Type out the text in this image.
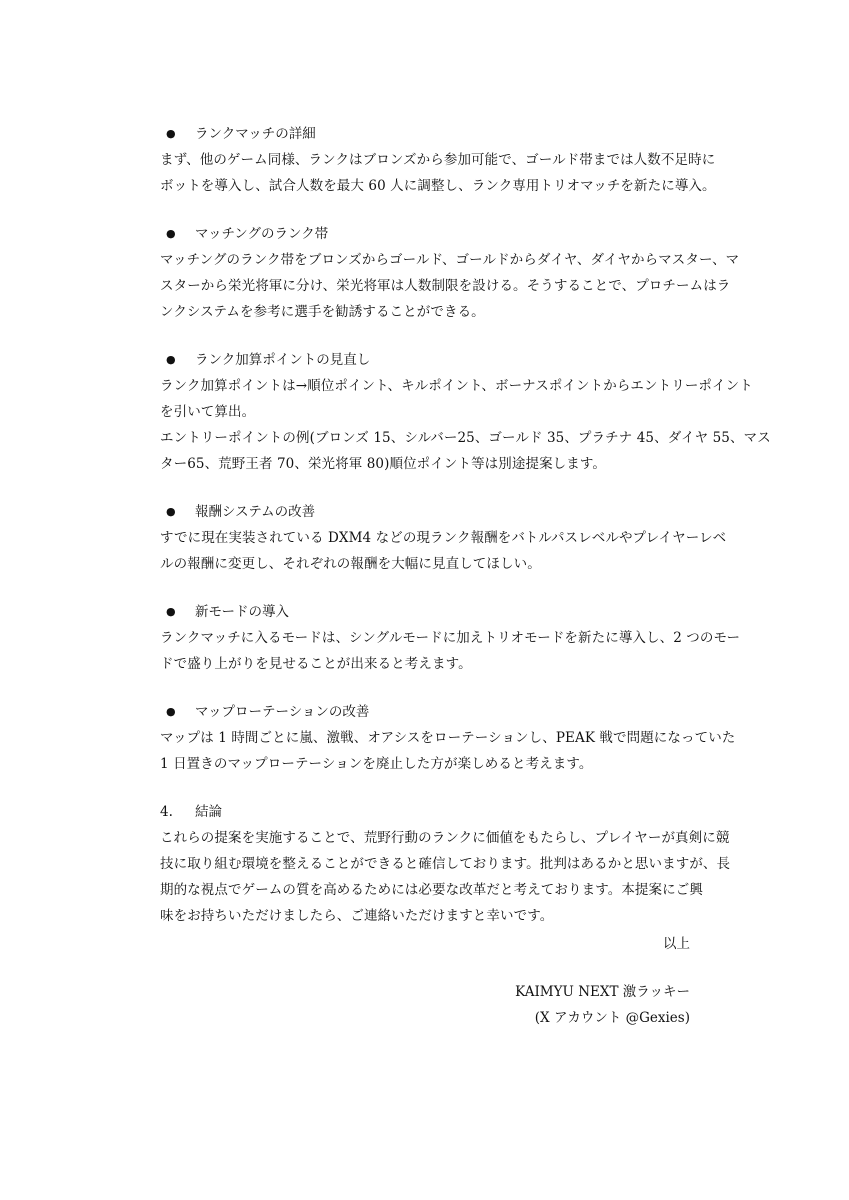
●	ランクマッチの詳細
まず、他のゲーム同様、ランクはブロンズから参加可能で、ゴールド帯までは人数不足時に
ボットを導入し、試合人数を最大 60 人に調整し、ランク専用トリオマッチを新たに導入。
●	マッチングのランク帯
マッチングのランク帯をブロンズからゴールド、ゴールドからダイヤ、ダイヤからマスター、マ
スターから栄光将軍に分け、栄光将軍は人数制限を設ける。そうすることで、プロチームはラ
ンクシステムを参考に選手を勧誘することができる。
●	ランク加算ポイントの見直し
ランク加算ポイントは→順位ポイント、キルポイント、ボーナスポイントからエントリーポイント
を引いて算出。
エントリーポイントの例(ブロンズ 15、シルバー25、ゴールド 35、プラチナ 45、ダイヤ 55、マス
ター65、荒野王者 70、栄光将軍 80)順位ポイント等は別途提案します。
●	報酬システムの改善
すでに現在実装されている DXM4 などの現ランク報酬をバトルパスレベルやプレイヤーレベ
ルの報酬に変更し、それぞれの報酬を大幅に見直してほしい。
●	新モードの導入
ランクマッチに入るモードは、シングルモードに加えトリオモードを新たに導入し、2 つのモー
ドで盛り上がりを見せることが出来ると考えます。
●	マップローテーションの改善
マップは 1 時間ごとに嵐、激戦、オアシスをローテーションし、PEAK 戦で問題になっていた
1 日置きのマップローテーションを廃止した方が楽しめると考えます。
4.	結論
これらの提案を実施することで、荒野行動のランクに価値をもたらし、プレイヤーが真剣に競
技に取り組む環境を整えることができると確信しております。批判はあるかと思いますが、長
期的な視点でゲームの質を高めるためには必要な改革だと考えております。本提案にご興
味をお持ちいただけましたら、ご連絡いただけますと幸いです。
以上
KAIMYU NEXT 激ラッキー
(X アカウント @Gexies)
